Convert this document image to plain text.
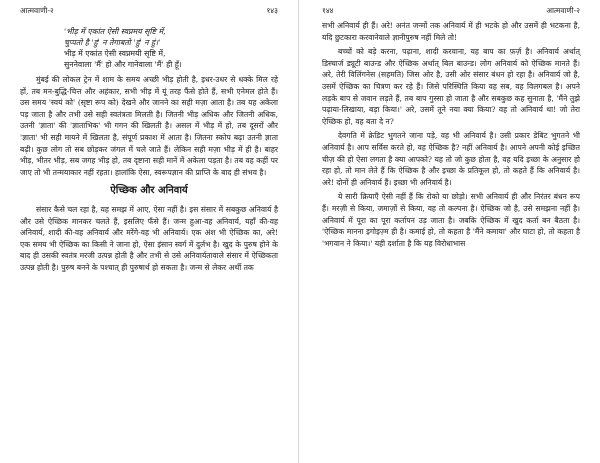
आत्मवाणी-२	१४३
'भीड़ में एकांत ऐसी स्वप्नमय सृष्टि में,
चुप्पतो है 'हुं' न तेगाबतो 'हुं' न हुं।'
भीड़ में एकांत ऐसी स्वप्नमयी सृष्टि में,
सुननेवाला 'मैं' हो और गानेवाला 'मैं' ही हूँ।

मुंबई की लोकल ट्रेन में शाम के समय अच्छी भीड़ होती है, इधर-उधर से धक्के मिल रहे हों, तब मन-बुद्धि-चित्त और अहंकार, सभी भीड़ में यूं तरह फैंसे होते हैं, सभी एनेमल होते हैं। उस समय 'स्वयं को' (सृष्टा रूप को) देखने और जानने का सही मज़ा आता है। तब यह अकेला पड़ जाता है और तभी उसे सही स्वतंत्रता मिलती है। जितनी भीड़ अधिक और जितनी अधिक, उतनी 'ज्ञाता' की 'ज्ञाताभिक' भी गगन की खिलती है। असल में भीड़ में हो, तब दूसरों और 'ज्ञाता' भी सही मायने में खिलता है, संपूर्ण प्रकाश में आता है। जितना स्कोप बढ़ा उतनी ज्ञाता बढ़ी। कुछ लोग तो सब छोड़कर जंगल में चले जाते हैं। लेकिन सही मज़ा भीड़ में ही है। बाहर भीड़, भीतर भीड़, सब जगह भीड़ हो, तब दृष्टाना सही मानें में अकेला पड़ता है। तब वह कहीं पर जाए तो भी तन्मयाकार नहीं रहता। हालांकि ऐसा, स्वरूपज्ञान की प्राप्ति के बाद ही संभव है।

ऐच्छिक और अनिवार्य

संसार कैसे चल रहा है, यह समझ में आए, ऐसा नहीं है। इस संसार में सबकुछ अनिवार्य है और उसे ऐच्छिक मानकर चलते हैं, इसलिए फँसे हैं। जन्म हुआ-वह अनिवार्य, यहाँ की-वह अनिवार्य, शादी की-वह अनिवार्य और मरेंगे-वह भी अनिवार्य। एक अंश भी ऐच्छिक का, अरे! एक समय भी ऐच्छिक का किसी ने जाना हो, ऐसा इंसान स्वर्ग में दुर्लभ है। खुद के पुरुष होने के बाद ही उसकी स्वतंत्र मरजी उत्पन्न होती है और तभी से उसे अनिवार्यतावाले संसार में ऐच्छिकता उत्पन्न होती है। पुरुष बनने के पश्चात् ही पुरुषार्थ हो सकता है। जन्म से लेकर अर्थी तक

१४४	आत्मवाणी-२

सभी अनिवार्य ही हैं। अरे! अनंत जन्मों तक अनिवार्य में ही भटके हो और उसमें ही भटकना है, यदि छुटकारा करवानेवाले ज्ञानीपुरुष नहीं मिले तो!

बच्चों को बड़े करना, पढ़ाना, शादी करवाना, यह बाप का फ़र्ज़ है। अनिवार्य अर्थात् डिस्चार्ज ड्यूटी बाउन्ड और ऐच्छिक अर्थात् बिल बाउन्ड। लोग अनिवार्य को ऐच्छिक मानते हैं। अरे, तेरी विलिंगनेस (सहमति) जिस ओर है, उसी ओर संसार बंधन हो रहा है। अनिवार्य जो है, उसमें ऐच्छिक का चित्रण कर रहे हैं। जिसे परिस्थिति किया वह सब, वह विलगबल है। अपने लड़के बाप से जवान लड़ते हैं, तब बाप गुस्सा हो जाता है और सबकुछ कह सुनाता है, 'मैंने तुझे पढ़ाया-लिखाया, बड़ा किया।' अरे, उसमें तूने नया क्या किया? वह तो अनिवार्य था! जो तेरा ऐच्छिक हो, वह बता दे न?

देवगति में क्रेडिट भुगतने जाना पड़े, वह भी अनिवार्य है। उसी प्रकार डेबिट भुगतने भी अनिवार्य है। आप सर्विस करते हो, वह ऐच्छिक है? नहीं अनिवार्य है। आपने अपनी कोई इच्छित चीज़ की हो ऐसा लगता है क्या आपको? यह तो जो कुछ होता है, वह यदि इच्छा के अनुसार हो रहा हो, तो मान लेते हैं कि ऐच्छिक है और इच्छा के प्रतिकूल हो, तो कहते हैं कि अनिवार्य है। अरे! दोनों ही अनिवार्य हैं। इच्छा भी अनिवार्य है।

ये सारी क्रियाएँ ऐसी नहीं हैं कि रोको या छोड़ो। सभी अनिवार्य ही और निरंतर बंधन रूप हैं। मरज़ी से किया, जमाज़ों से किया, वह तो कल्पना है। ऐच्छिक जो है, उसे समझना नहीं है। अनिवार्य में पूरा का पूरा कर्तापन उड़ जाता है। जबकि ऐच्छिक में खुद कर्ता बन बैठता है। 'ऐच्छिक मानना इगोइज़्म ही है। कमाई हो, तो कहता है 'मैंने कमाया' और घाटा हो, तो कहता है 'भगवान ने किया।' यही दर्शाता है कि यह विरोधाभास
